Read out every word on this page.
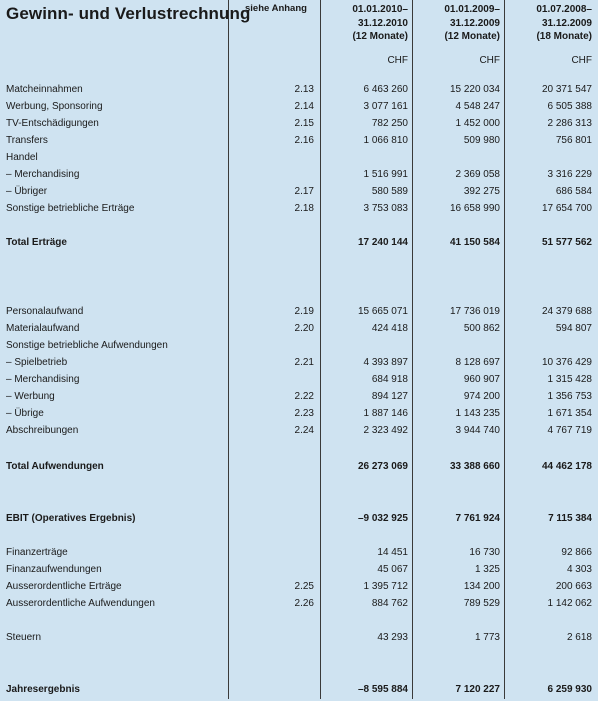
Gewinn- und Verlustrechnung
siehe Anhang	01.01.2010–
31.12.2010
(12 Monate)
01.01.2009–
31.12.2009
(12 Monate)
01.07.2008–
31.12.2009
(18 Monate)
CHF	CHF	CHF
Matcheinnahmen	2.13	6 463 260	15 220 034	20 371 547
Werbung, Sponsoring	2.14	3 077 161	4 548 247	6 505 388
TV-Entschädigungen	2.15	782 250	1 452 000	2 286 313
Transfers	2.16	1 066 810	509 980	756 801
Handel
– Merchandising	1 516 991	2 369 058	3 316 229
– Übriger	2.17	580 589	392 275	686 584
Sonstige betriebliche Erträge	2.18	3 753 083	16 658 990	17 654 700
Total Erträge	17 240 144	41 150 584	51 577 562
Personalaufwand	2.19	15 665 071	17 736 019	24 379 688
Materialaufwand	2.20	424 418	500 862	594 807
Sonstige betriebliche Aufwendungen
– Spielbetrieb	2.21	4 393 897	8 128 697	10 376 429
– Merchandising	684 918	960 907	1 315 428
– Werbung	2.22	894 127	974 200	1 356 753
– Übrige	2.23	1 887 146	1 143 235	1 671 354
Abschreibungen	2.24	2 323 492	3 944 740	4 767 719
Total Aufwendungen	26 273 069	33 388 660	44 462 178
EBIT (Operatives Ergebnis)	–9 032 925	7 761 924	7 115 384
Finanzerträge	14 451	16 730	92 866
Finanzaufwendungen	45 067	1 325	4 303
Ausserordentliche Erträge	2.25	1 395 712	134 200	200 663
Ausserordentliche Aufwendungen	2.26	884 762	789 529	1 142 062
Steuern	43 293	1 773	2 618
Jahresergebnis	–8 595 884	7 120 227	6 259 930
